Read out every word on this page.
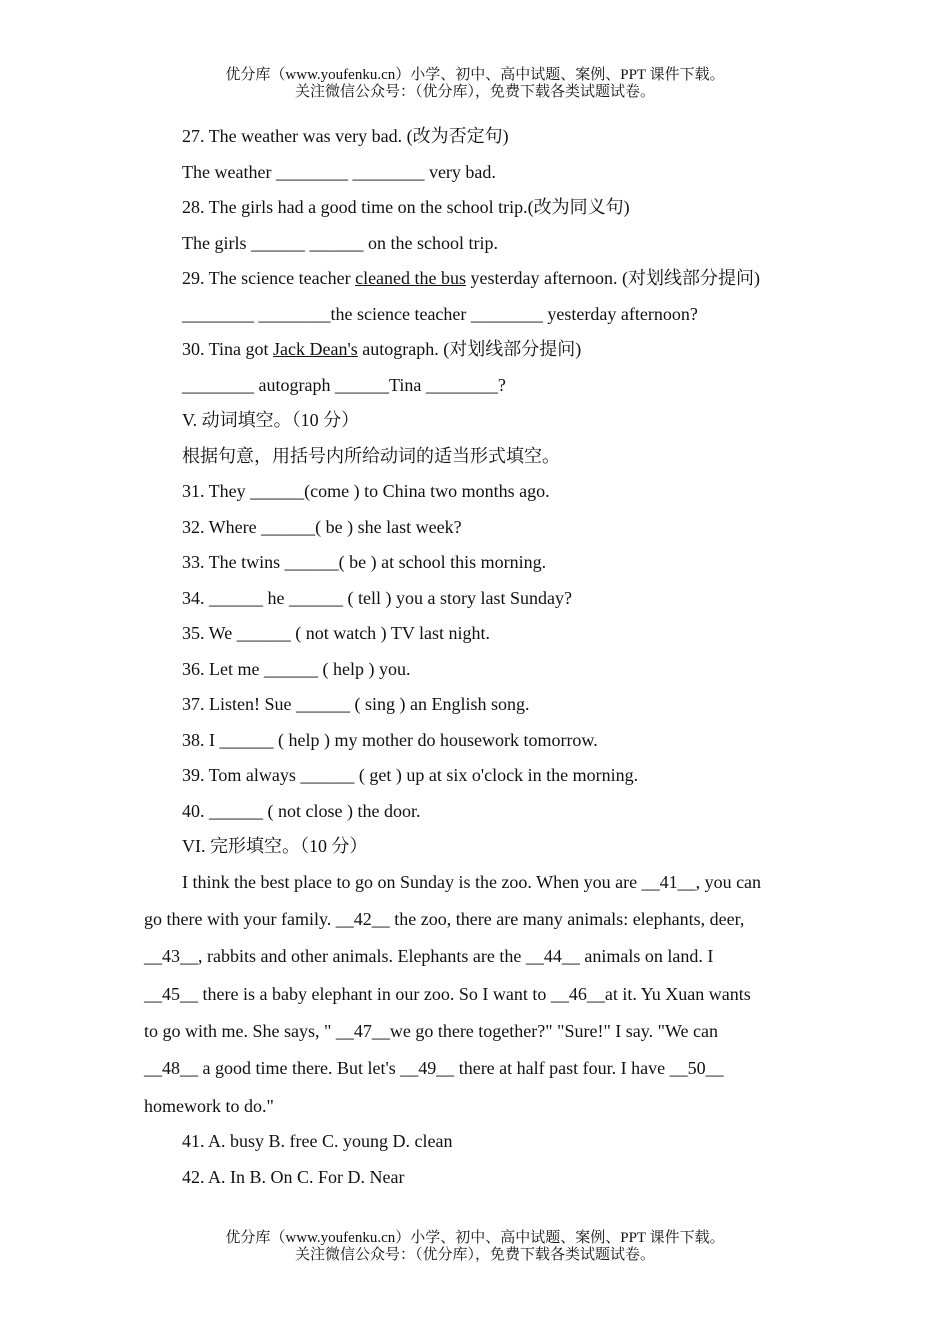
优分库（www.youfenku.cn）小学、初中、高中试题、案例、PPT 课件下载。
关注微信公众号：（优分库），免费下载各类试题试卷。
27. The weather was very bad. (改为否定句)
The weather ________ ________ very bad.
28. The girls had a good time on the school trip.(改为同义句)
The girls ______ ______ on the school trip.
29. The science teacher cleaned the bus yesterday afternoon. (对划线部分提问)
________ ________the science teacher ________ yesterday afternoon?
30. Tina got Jack Dean's autograph. (对划线部分提问)
________ autograph ______Tina ________?
V. 动词填空。（10 分）
根据句意，用括号内所给动词的适当形式填空。
31. They ______(come ) to China two months ago.
32. Where ______( be ) she last week?
33. The twins ______( be ) at school this morning.
34. ______ he ______ ( tell ) you a story last Sunday?
35. We ______ ( not watch ) TV last night.
36. Let me ______ ( help ) you.
37. Listen! Sue ______ ( sing ) an English song.
38. I ______ ( help ) my mother do housework tomorrow.
39. Tom always ______ ( get ) up at six o'clock in the morning.
40. ______ ( not close ) the door.
VI. 完形填空。（10 分）
I think the best place to go on Sunday is the zoo. When you are __41__, you can
go there with your family. __42__ the zoo, there are many animals: elephants, deer,
__43__, rabbits and other animals. Elephants are the __44__ animals on land. I
__45__ there is a baby elephant in our zoo. So I want to __46__at it. Yu Xuan wants
to go with me. She says, " __47__we go there together?" "Sure!" I say. "We can
__48__ a good time there. But let's __49__ there at half past four. I have __50__
homework to do."
41. A. busy B. free C. young D. clean
42. A. In B. On C. For D. Near
优分库（www.youfenku.cn）小学、初中、高中试题、案例、PPT 课件下载。
关注微信公众号：（优分库），免费下载各类试题试卷。
